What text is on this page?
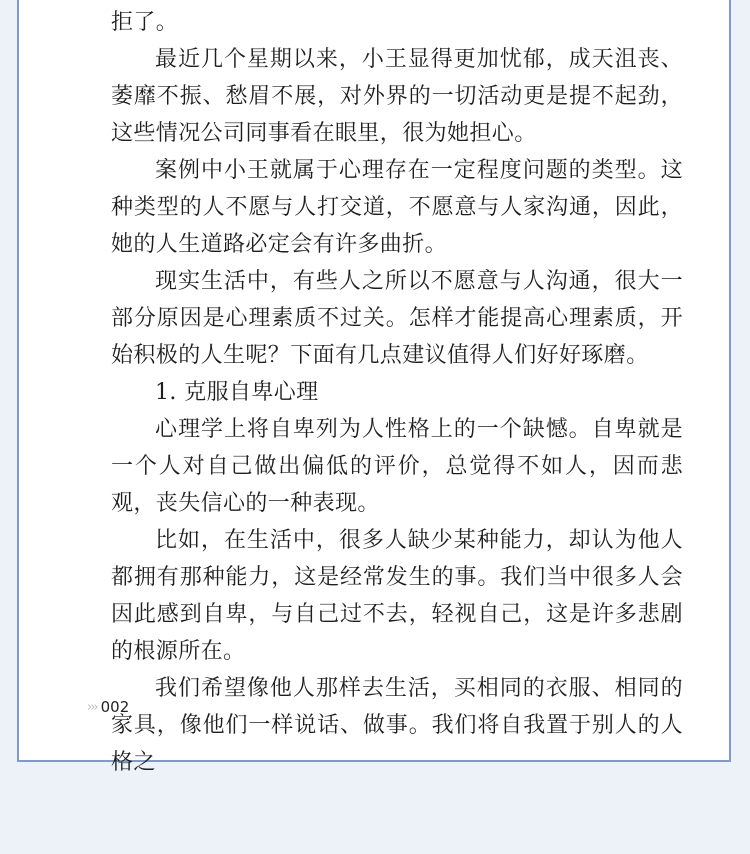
拒了。

最近几个星期以来，小王显得更加忧郁，成天沮丧、萎靡不振、愁眉不展，对外界的一切活动更是提不起劲，这些情况公司同事看在眼里，很为她担心。

案例中小王就属于心理存在一定程度问题的类型。这种类型的人不愿与人打交道，不愿意与人家沟通，因此，她的人生道路必定会有许多曲折。

现实生活中，有些人之所以不愿意与人沟通，很大一部分原因是心理素质不过关。怎样才能提高心理素质，开始积极的人生呢？下面有几点建议值得人们好好琢磨。

1. 克服自卑心理

心理学上将自卑列为人性格上的一个缺憾。自卑就是一个人对自己做出偏低的评价，总觉得不如人，因而悲观，丧失信心的一种表现。

比如，在生活中，很多人缺少某种能力，却认为他人都拥有那种能力，这是经常发生的事。我们当中很多人会因此感到自卑，与自己过不去，轻视自己，这是许多悲剧的根源所在。

我们希望像他人那样去生活，买相同的衣服、相同的家具，像他们一样说话、做事。我们将自我置于别人的人格之

››› 002
